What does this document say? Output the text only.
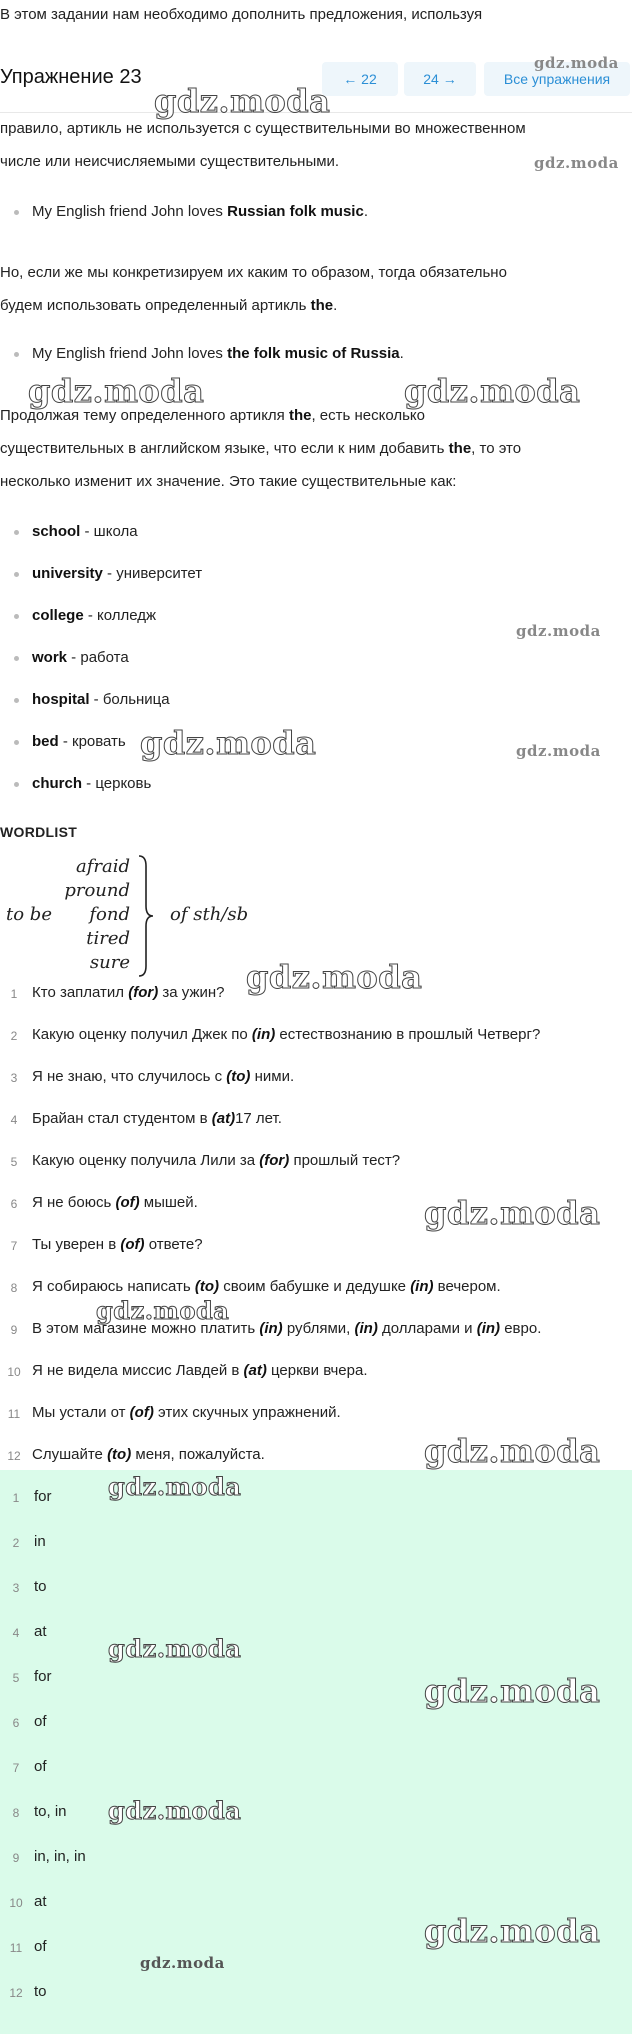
В этом задании нам необходимо дополнить предложения, используя
Упражнение 23	← 22	24 →	Все упражнения
правило, артикль не используется с существительными во множественном
числе или неисчисляемыми существительными.
My English friend John loves Russian folk music.
Но, если же мы конкретизируем их каким то образом, тогда обязательно
будем использовать определенный артикль the.
My English friend John loves the folk music of Russia.
Продолжая тему определенного артикля the, есть несколько
существительных в английском языке, что если к ним добавить the, то это
несколько изменит их значение. Это такие существительные как:
school - школа
university - университет
college - колледж
work - работа
hospital - больница
bed - кровать
church - церковь
WORDLIST
to be
afraid
pround
fond
tired
sure
of sth/sb
1 Кто заплатил (for) за ужин?
2 Какую оценку получил Джек по (in) естествознанию в прошлый Четверг?
3 Я не знаю, что случилось с (to) ними.
4 Брайан стал студентом в (at)17 лет.
5 Какую оценку получила Лили за (for) прошлый тест?
6 Я не боюсь (of) мышей.
7 Ты уверен в (of) ответе?
8 Я собираюсь написать (to) своим бабушке и дедушке (in) вечером.
9 В этом магазине можно платить (in) рублями, (in) долларами и (in) евро.
10 Я не видела миссис Лавдей в (at) церкви вчера.
11 Мы устали от (of) этих скучных упражнений.
12 Слушайте (to) меня, пожалуйста.
1 for
2 in
3 to
4 at
5 for
6 of
7 of
8 to, in
9 in, in, in
10 at
11 of
12 to
gdz.moda
gdz.moda
gdz.moda
gdz.moda	gdz.moda
gdz.moda
gdz.moda	gdz.moda
gdz.moda
gdz.moda
gdz.moda
gdz.moda
gdz.moda
gdz.moda
gdz.moda
gdz.moda
gdz.moda
gdz.moda
